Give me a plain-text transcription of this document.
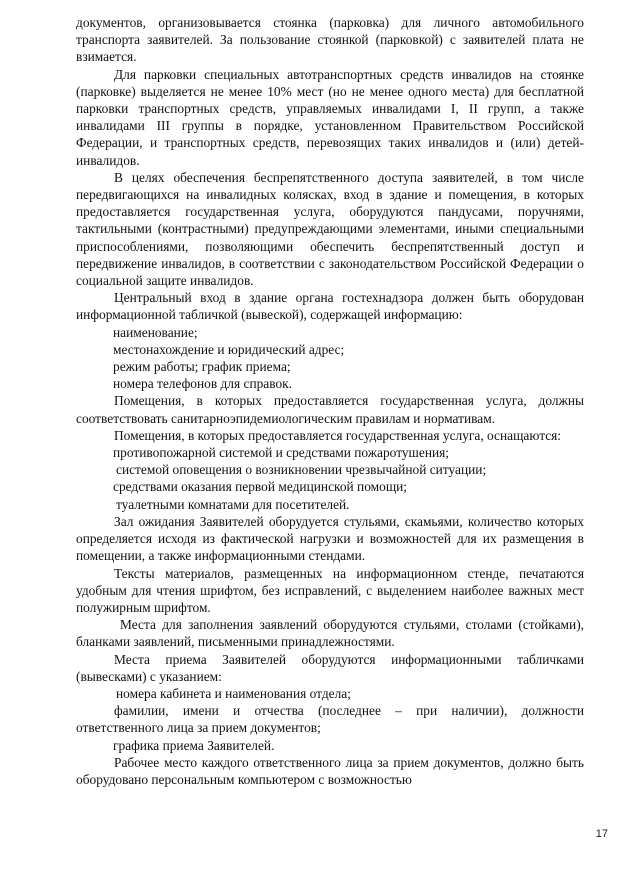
документов, организовывается стоянка (парковка) для личного автомобильного транспорта заявителей. За пользование стоянкой (парковкой) с заявителей плата не взимается.

Для парковки специальных автотранспортных средств инвалидов на стоянке (парковке) выделяется не менее 10% мест (но не менее одного места) для бесплатной парковки транспортных средств, управляемых инвалидами I, II групп, а также инвалидами III группы в порядке, установленном Правительством Российской Федерации, и транспортных средств, перевозящих таких инвалидов и (или) детей-инвалидов.

В целях обеспечения беспрепятственного доступа заявителей, в том числе передвигающихся на инвалидных колясках, вход в здание и помещения, в которых предоставляется государственная услуга, оборудуются пандусами, поручнями, тактильными (контрастными) предупреждающими элементами, иными специальными приспособлениями, позволяющими обеспечить беспрепятственный доступ и передвижение инвалидов, в соответствии с законодательством Российской Федерации о социальной защите инвалидов.

Центральный вход в здание органа гостехнадзора должен быть оборудован информационной табличкой (вывеской), содержащей информацию:

наименование;

местонахождение и юридический адрес;

режим работы; график приема;

номера телефонов для справок.

Помещения, в которых предоставляется государственная услуга, должны соответствовать санитарноэпидемиологическим правилам и нормативам.

Помещения, в которых предоставляется государственная услуга, оснащаются:

противопожарной системой и средствами пожаротушения;

системой оповещения о возникновении чрезвычайной ситуации;

средствами оказания первой медицинской помощи;

туалетными комнатами для посетителей.

Зал ожидания Заявителей оборудуется стульями, скамьями, количество которых определяется исходя из фактической нагрузки и возможностей для их размещения в помещении, а также информационными стендами.

Тексты материалов, размещенных на информационном стенде, печатаются удобным для чтения шрифтом, без исправлений, с выделением наиболее важных мест полужирным шрифтом.

Места для заполнения заявлений оборудуются стульями, столами (стойками), бланками заявлений, письменными принадлежностями.

Места приема Заявителей оборудуются информационными табличками (вывесками) с указанием:

номера кабинета и наименования отдела;

фамилии, имени и отчества (последнее – при наличии), должности ответственного лица за прием документов;

графика приема Заявителей.

Рабочее место каждого ответственного лица за прием документов, должно быть оборудовано персональным компьютером с возможностью

17
